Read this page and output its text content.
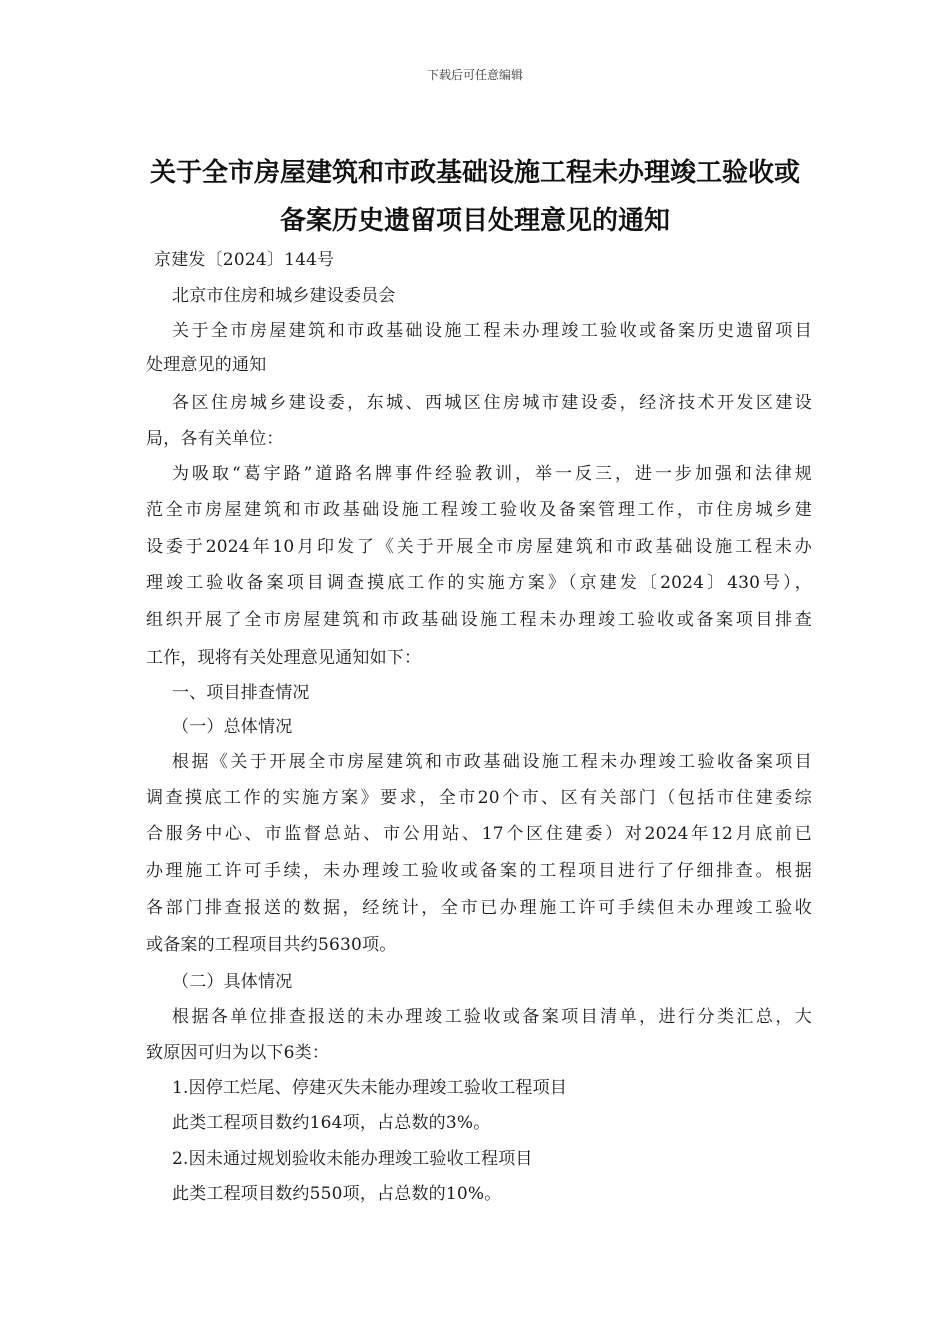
下载后可任意编辑
关于全市房屋建筑和市政基础设施工程未办理竣工验收或
备案历史遗留项目处理意见的通知
京建发〔2024〕144号
北京市住房和城乡建设委员会
关于全市房屋建筑和市政基础设施工程未办理竣工验收或备案历史遗留项目
处理意见的通知
各区住房城乡建设委，东城、西城区住房城市建设委，经济技术开发区建设
局，各有关单位：
为吸取“葛宇路”道路名牌事件经验教训，举一反三，进一步加强和法律规
范全市房屋建筑和市政基础设施工程竣工验收及备案管理工作，市住房城乡建
设委于2024年10月印发了《关于开展全市房屋建筑和市政基础设施工程未办
理竣工验收备案项目调查摸底工作的实施方案》（京建发〔2024〕430号），
组织开展了全市房屋建筑和市政基础设施工程未办理竣工验收或备案项目排查
工作，现将有关处理意见通知如下：
一、项目排查情况
（一）总体情况
根据《关于开展全市房屋建筑和市政基础设施工程未办理竣工验收备案项目
调查摸底工作的实施方案》要求，全市20个市、区有关部门（包括市住建委综
合服务中心、市监督总站、市公用站、17个区住建委）对2024年12月底前已
办理施工许可手续，未办理竣工验收或备案的工程项目进行了仔细排查。根据
各部门排查报送的数据，经统计，全市已办理施工许可手续但未办理竣工验收
或备案的工程项目共约5630项。
（二）具体情况
根据各单位排查报送的未办理竣工验收或备案项目清单，进行分类汇总，大
致原因可归为以下6类：
1.因停工烂尾、停建灭失未能办理竣工验收工程项目
此类工程项目数约164项，占总数的3%。
2.因未通过规划验收未能办理竣工验收工程项目
此类工程项目数约550项，占总数的10%。
